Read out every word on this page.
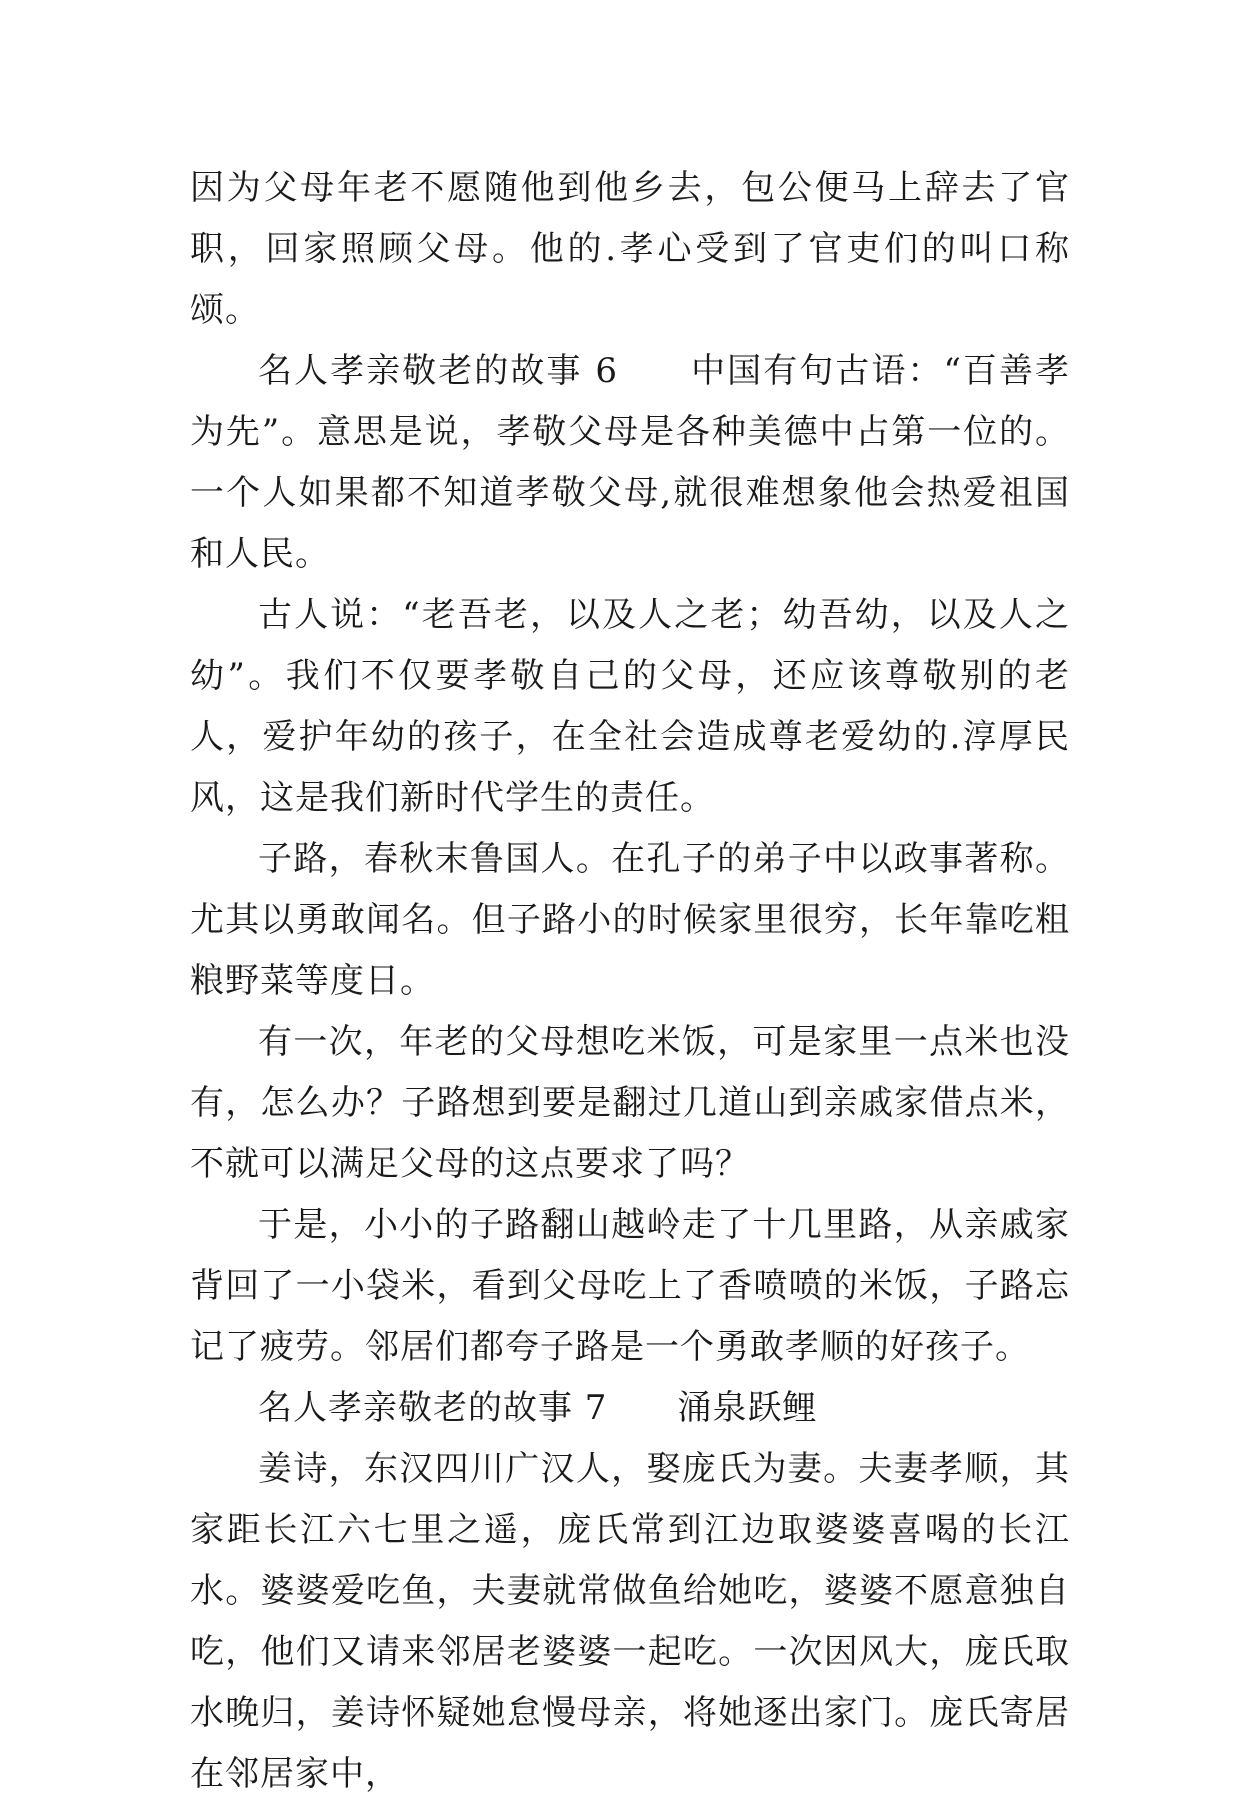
因为父母年老不愿随他到他乡去，包公便马上辞去了官职，回家照顾父母。他的.孝心受到了官吏们的叫口称颂。

名人孝亲敬老的故事 6　　中国有句古语：“百善孝为先”。意思是说，孝敬父母是各种美德中占第一位的。一个人如果都不知道孝敬父母,就很难想象他会热爱祖国和人民。

古人说：“老吾老，以及人之老；幼吾幼，以及人之幼”。我们不仅要孝敬自己的父母，还应该尊敬别的老人，爱护年幼的孩子，在全社会造成尊老爱幼的.淳厚民风，这是我们新时代学生的责任。

子路，春秋末鲁国人。在孔子的弟子中以政事著称。尤其以勇敢闻名。但子路小的时候家里很穷，长年靠吃粗粮野菜等度日。

有一次，年老的父母想吃米饭，可是家里一点米也没有，怎么办？子路想到要是翻过几道山到亲戚家借点米，不就可以满足父母的这点要求了吗？

于是，小小的子路翻山越岭走了十几里路，从亲戚家背回了一小袋米，看到父母吃上了香喷喷的米饭，子路忘记了疲劳。邻居们都夸子路是一个勇敢孝顺的好孩子。

名人孝亲敬老的故事 7　　涌泉跃鲤

姜诗，东汉四川广汉人，娶庞氏为妻。夫妻孝顺，其家距长江六七里之遥，庞氏常到江边取婆婆喜喝的长江水。婆婆爱吃鱼，夫妻就常做鱼给她吃，婆婆不愿意独自吃，他们又请来邻居老婆婆一起吃。一次因风大，庞氏取水晚归，姜诗怀疑她怠慢母亲，将她逐出家门。庞氏寄居在邻居家中，
